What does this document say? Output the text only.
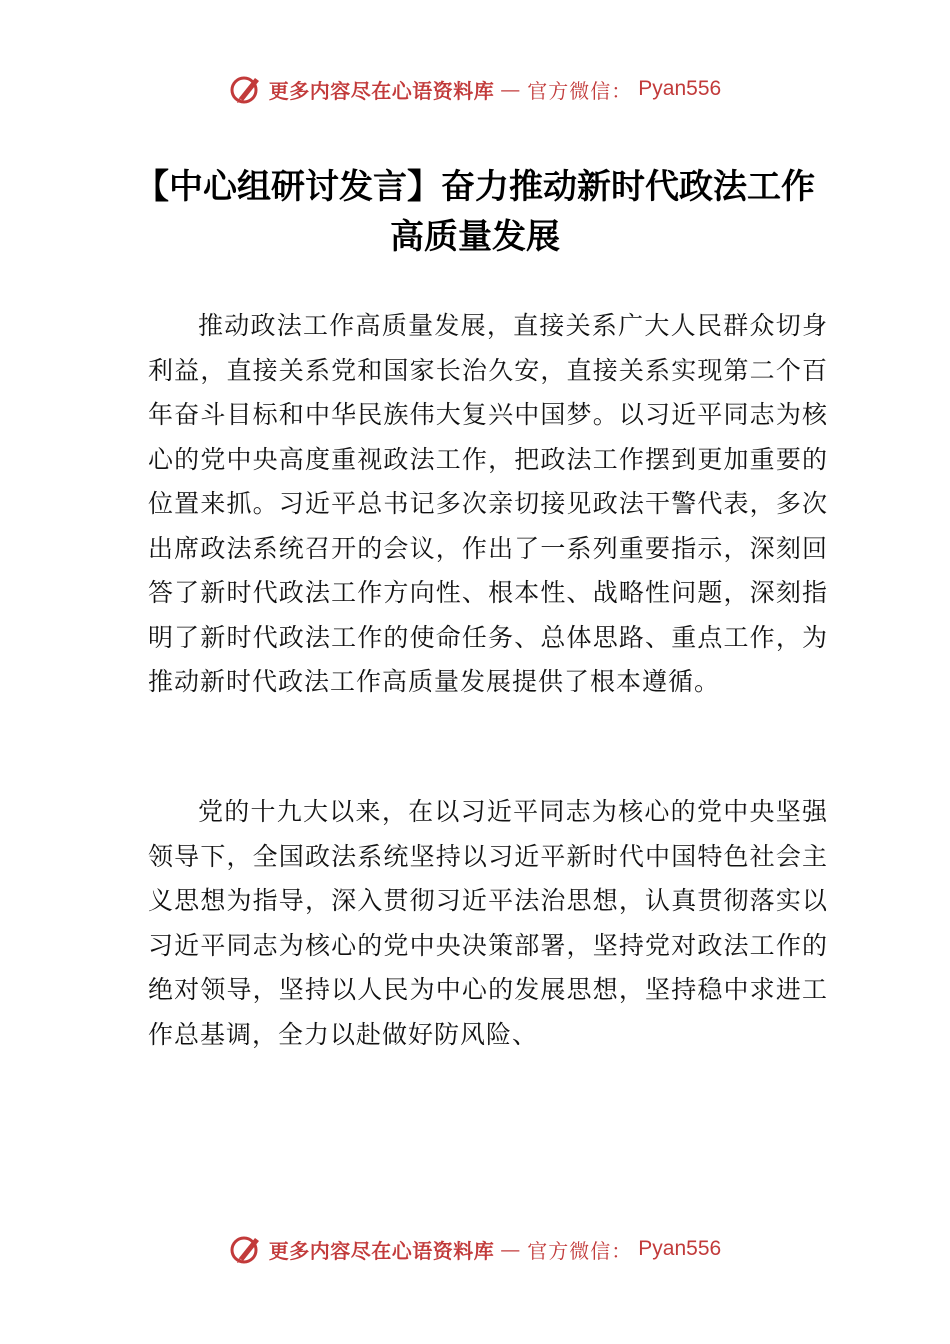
更多内容尽在心语资料库 — 官方微信： Pyan556
【中心组研讨发言】奋力推动新时代政法工作高质量发展

推动政法工作高质量发展，直接关系广大人民群众切身利益，直接关系党和国家长治久安，直接关系实现第二个百年奋斗目标和中华民族伟大复兴中国梦。以习近平同志为核心的党中央高度重视政法工作，把政法工作摆到更加重要的位置来抓。习近平总书记多次亲切接见政法干警代表，多次出席政法系统召开的会议，作出了一系列重要指示，深刻回答了新时代政法工作方向性、根本性、战略性问题，深刻指明了新时代政法工作的使命任务、总体思路、重点工作，为推动新时代政法工作高质量发展提供了根本遵循。

党的十九大以来，在以习近平同志为核心的党中央坚强领导下，全国政法系统坚持以习近平新时代中国特色社会主义思想为指导，深入贯彻习近平法治思想，认真贯彻落实以习近平同志为核心的党中央决策部署，坚持党对政法工作的绝对领导，坚持以人民为中心的发展思想，坚持稳中求进工作总基调，全力以赴做好防风险、

更多内容尽在心语资料库 — 官方微信： Pyan556
